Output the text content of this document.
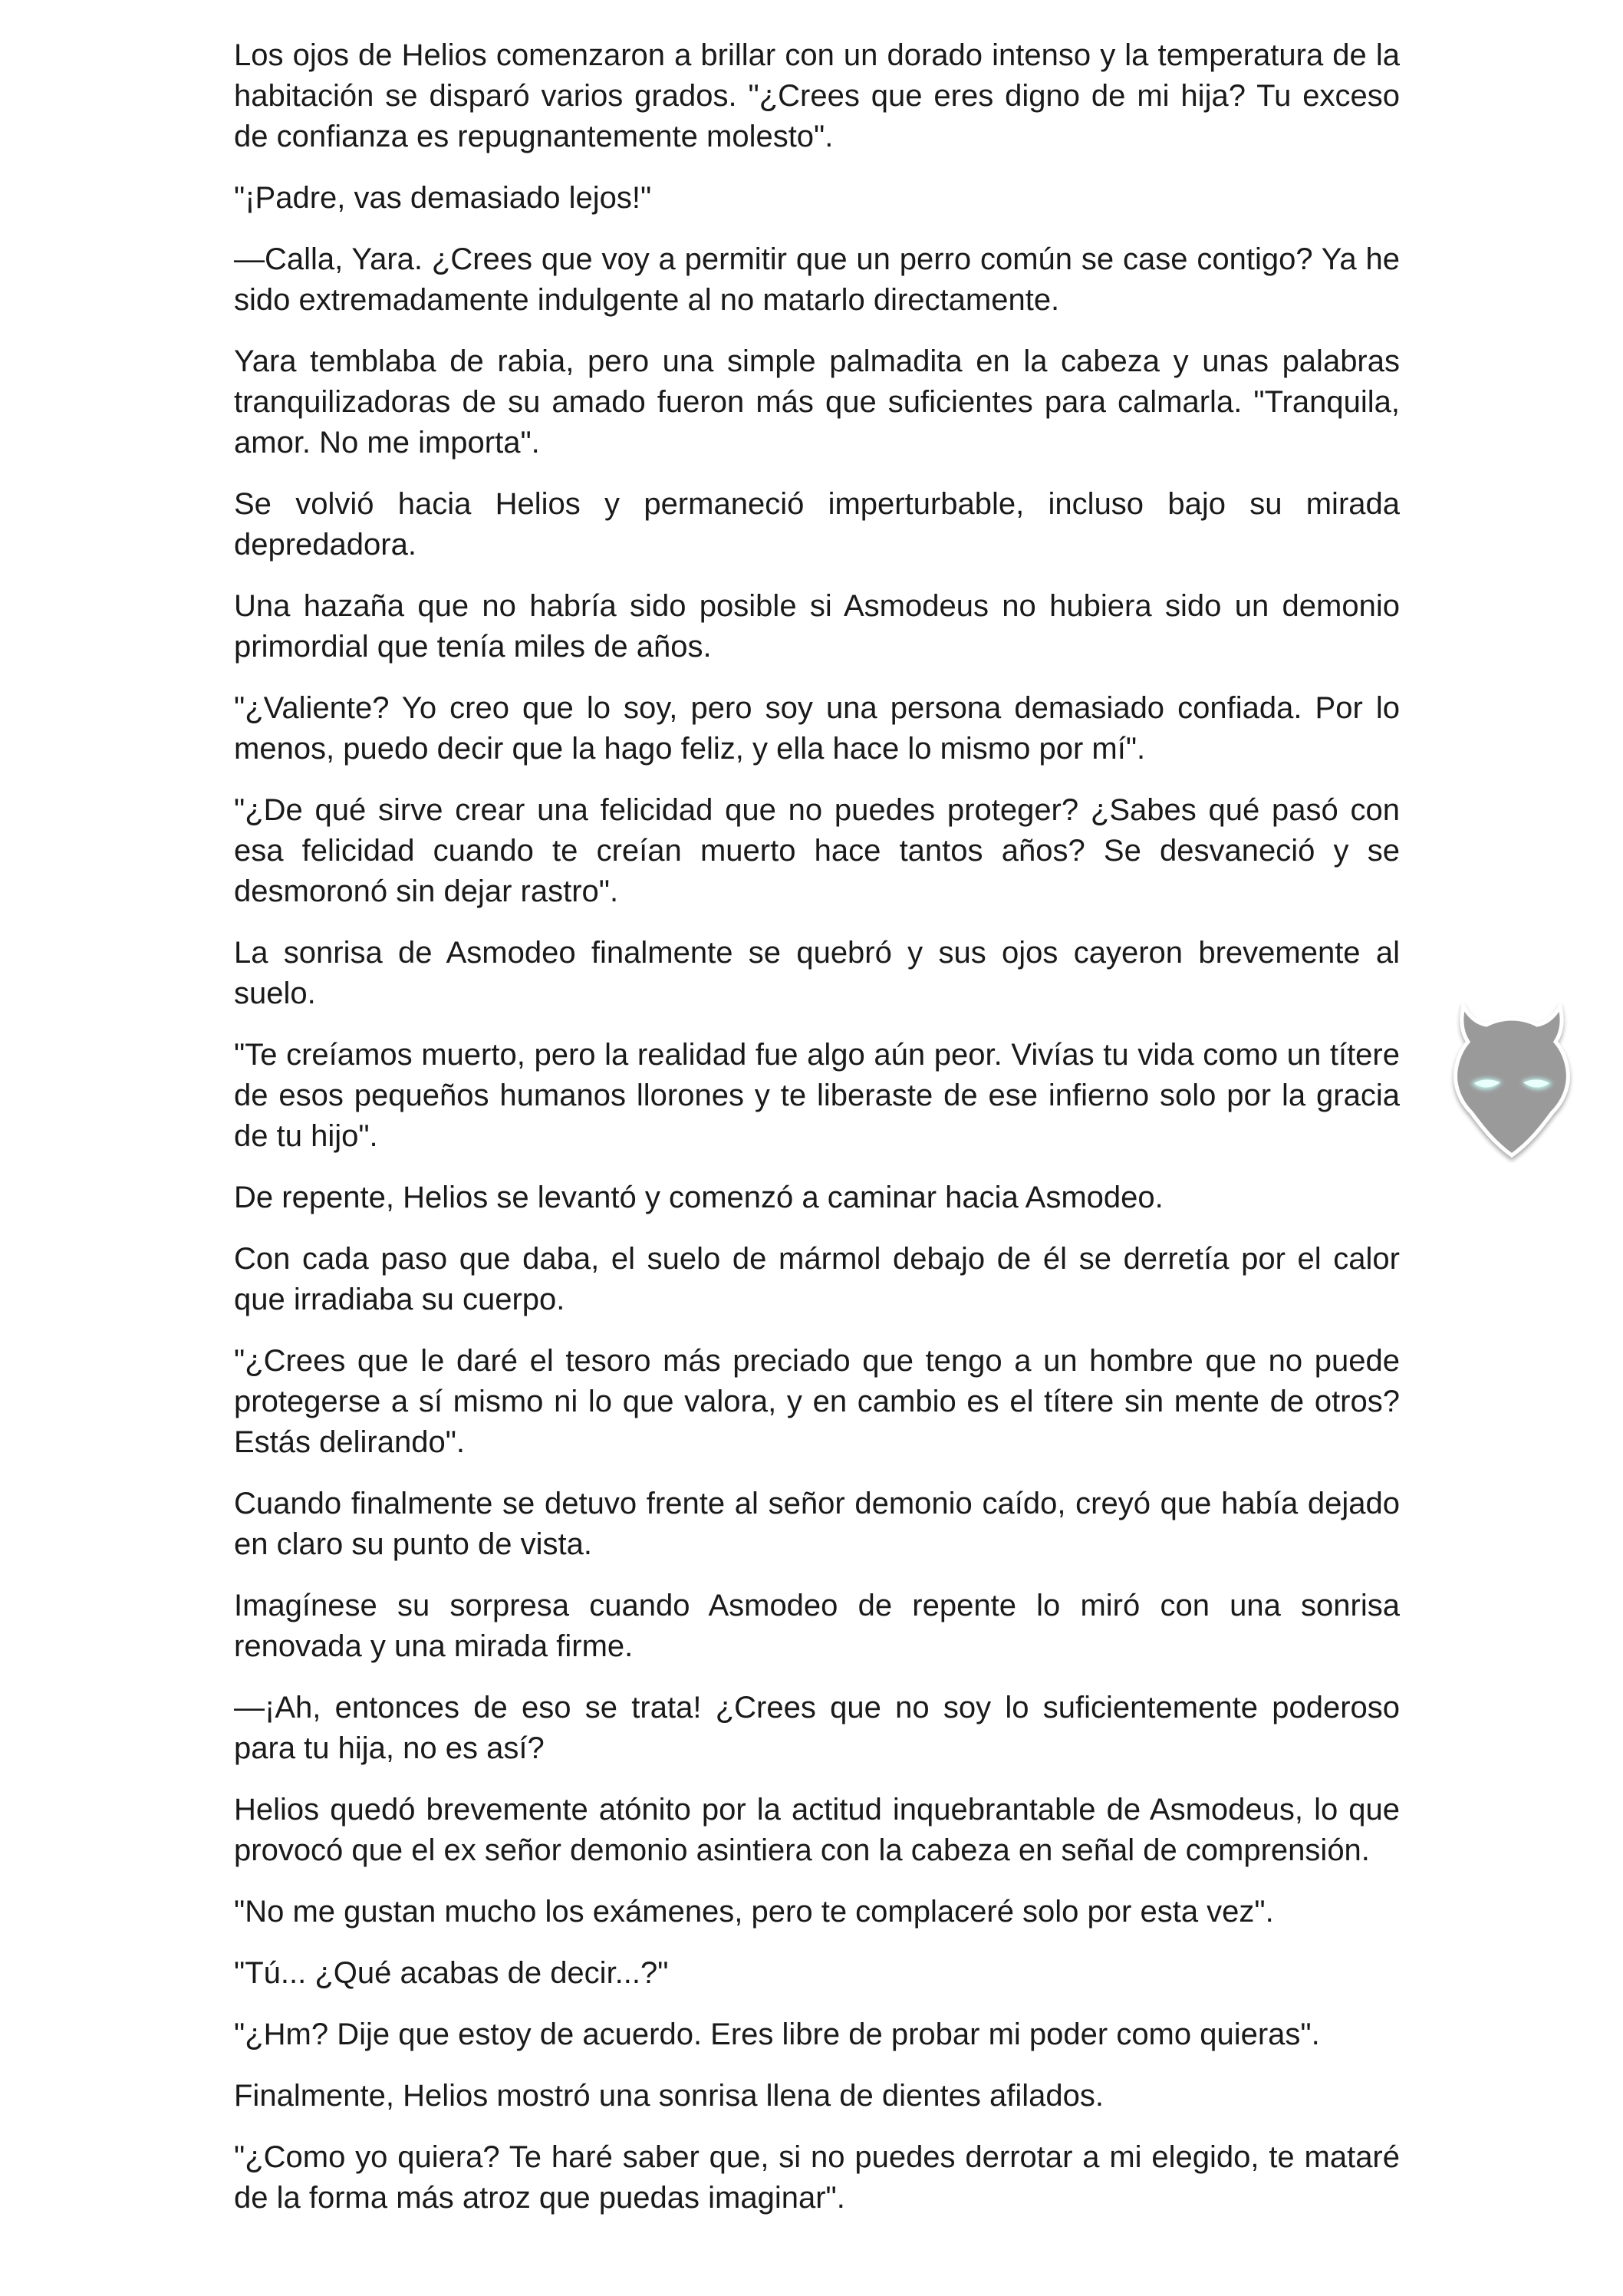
Los ojos de Helios comenzaron a brillar con un dorado intenso y la temperatura de la habitación se disparó varios grados. "¿Crees que eres digno de mi hija? Tu exceso de confianza es repugnantemente molesto".

"¡Padre, vas demasiado lejos!"

—Calla, Yara. ¿Crees que voy a permitir que un perro común se case contigo? Ya he sido extremadamente indulgente al no matarlo directamente.

Yara temblaba de rabia, pero una simple palmadita en la cabeza y unas palabras tranquilizadoras de su amado fueron más que suficientes para calmarla. "Tranquila, amor. No me importa".

Se volvió hacia Helios y permaneció imperturbable, incluso bajo su mirada depredadora.

Una hazaña que no habría sido posible si Asmodeus no hubiera sido un demonio primordial que tenía miles de años.

"¿Valiente? Yo creo que lo soy, pero soy una persona demasiado confiada. Por lo menos, puedo decir que la hago feliz, y ella hace lo mismo por mí".

"¿De qué sirve crear una felicidad que no puedes proteger? ¿Sabes qué pasó con esa felicidad cuando te creían muerto hace tantos años? Se desvaneció y se desmoronó sin dejar rastro".

La sonrisa de Asmodeo finalmente se quebró y sus ojos cayeron brevemente al suelo.

"Te creíamos muerto, pero la realidad fue algo aún peor. Vivías tu vida como un títere de esos pequeños humanos llorones y te liberaste de ese infierno solo por la gracia de tu hijo".

De repente, Helios se levantó y comenzó a caminar hacia Asmodeo.

Con cada paso que daba, el suelo de mármol debajo de él se derretía por el calor que irradiaba su cuerpo.

"¿Crees que le daré el tesoro más preciado que tengo a un hombre que no puede protegerse a sí mismo ni lo que valora, y en cambio es el títere sin mente de otros? Estás delirando".

Cuando finalmente se detuvo frente al señor demonio caído, creyó que había dejado en claro su punto de vista.

Imagínese su sorpresa cuando Asmodeo de repente lo miró con una sonrisa renovada y una mirada firme.

—¡Ah, entonces de eso se trata! ¿Crees que no soy lo suficientemente poderoso para tu hija, no es así?

Helios quedó brevemente atónito por la actitud inquebrantable de Asmodeus, lo que provocó que el ex señor demonio asintiera con la cabeza en señal de comprensión.

"No me gustan mucho los exámenes, pero te complaceré solo por esta vez".

"Tú... ¿Qué acabas de decir...?"

"¿Hm? Dije que estoy de acuerdo. Eres libre de probar mi poder como quieras".

Finalmente, Helios mostró una sonrisa llena de dientes afilados.

"¿Como yo quiera? Te haré saber que, si no puedes derrotar a mi elegido, te mataré de la forma más atroz que puedas imaginar".
